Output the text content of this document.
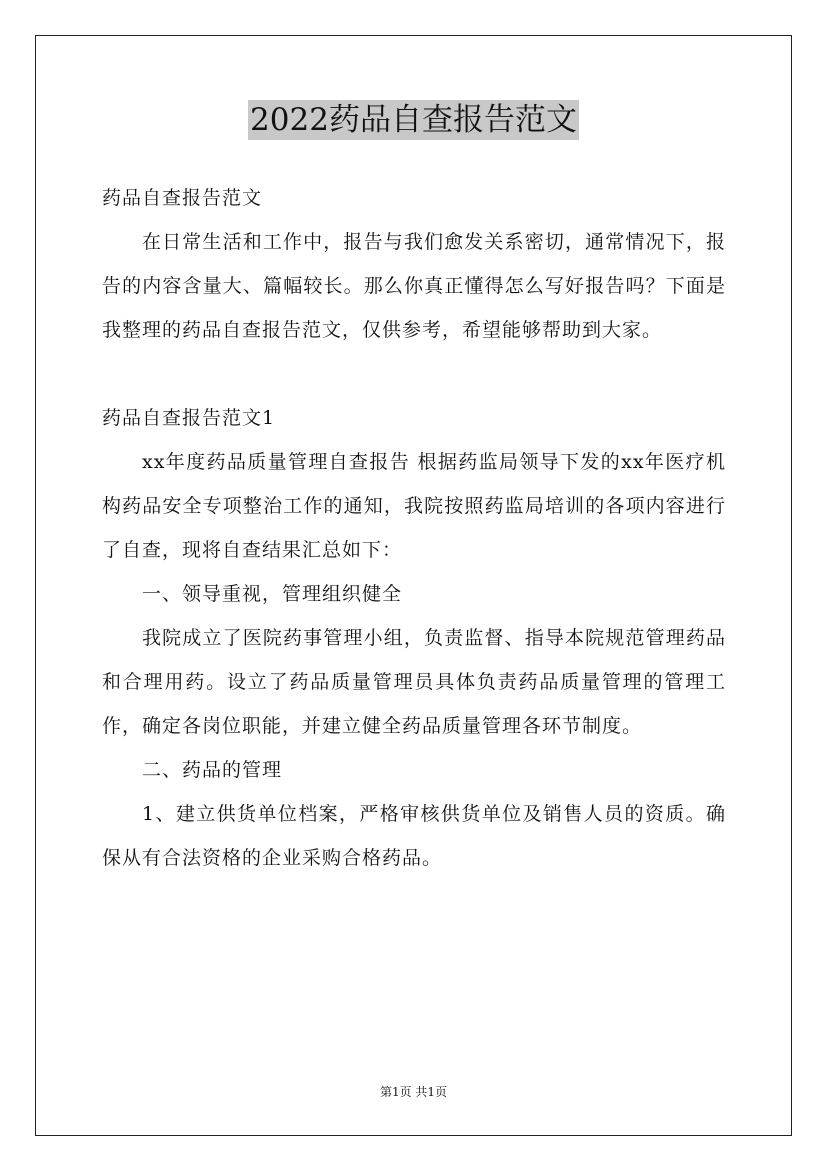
2022药品自查报告范文

药品自查报告范文

在日常生活和工作中，报告与我们愈发关系密切，通常情况下，报告的内容含量大、篇幅较长。那么你真正懂得怎么写好报告吗？下面是我整理的药品自查报告范文，仅供参考，希望能够帮助到大家。

药品自查报告范文1

xx年度药品质量管理自查报告 根据药监局领导下发的xx年医疗机构药品安全专项整治工作的通知，我院按照药监局培训的各项内容进行了自查，现将自查结果汇总如下：

一、领导重视，管理组织健全

我院成立了医院药事管理小组，负责监督、指导本院规范管理药品和合理用药。设立了药品质量管理员具体负责药品质量管理的管理工作，确定各岗位职能，并建立健全药品质量管理各环节制度。

二、药品的管理

1、建立供货单位档案，严格审核供货单位及销售人员的资质。确保从有合法资格的企业采购合格药品。

第1页 共1页
